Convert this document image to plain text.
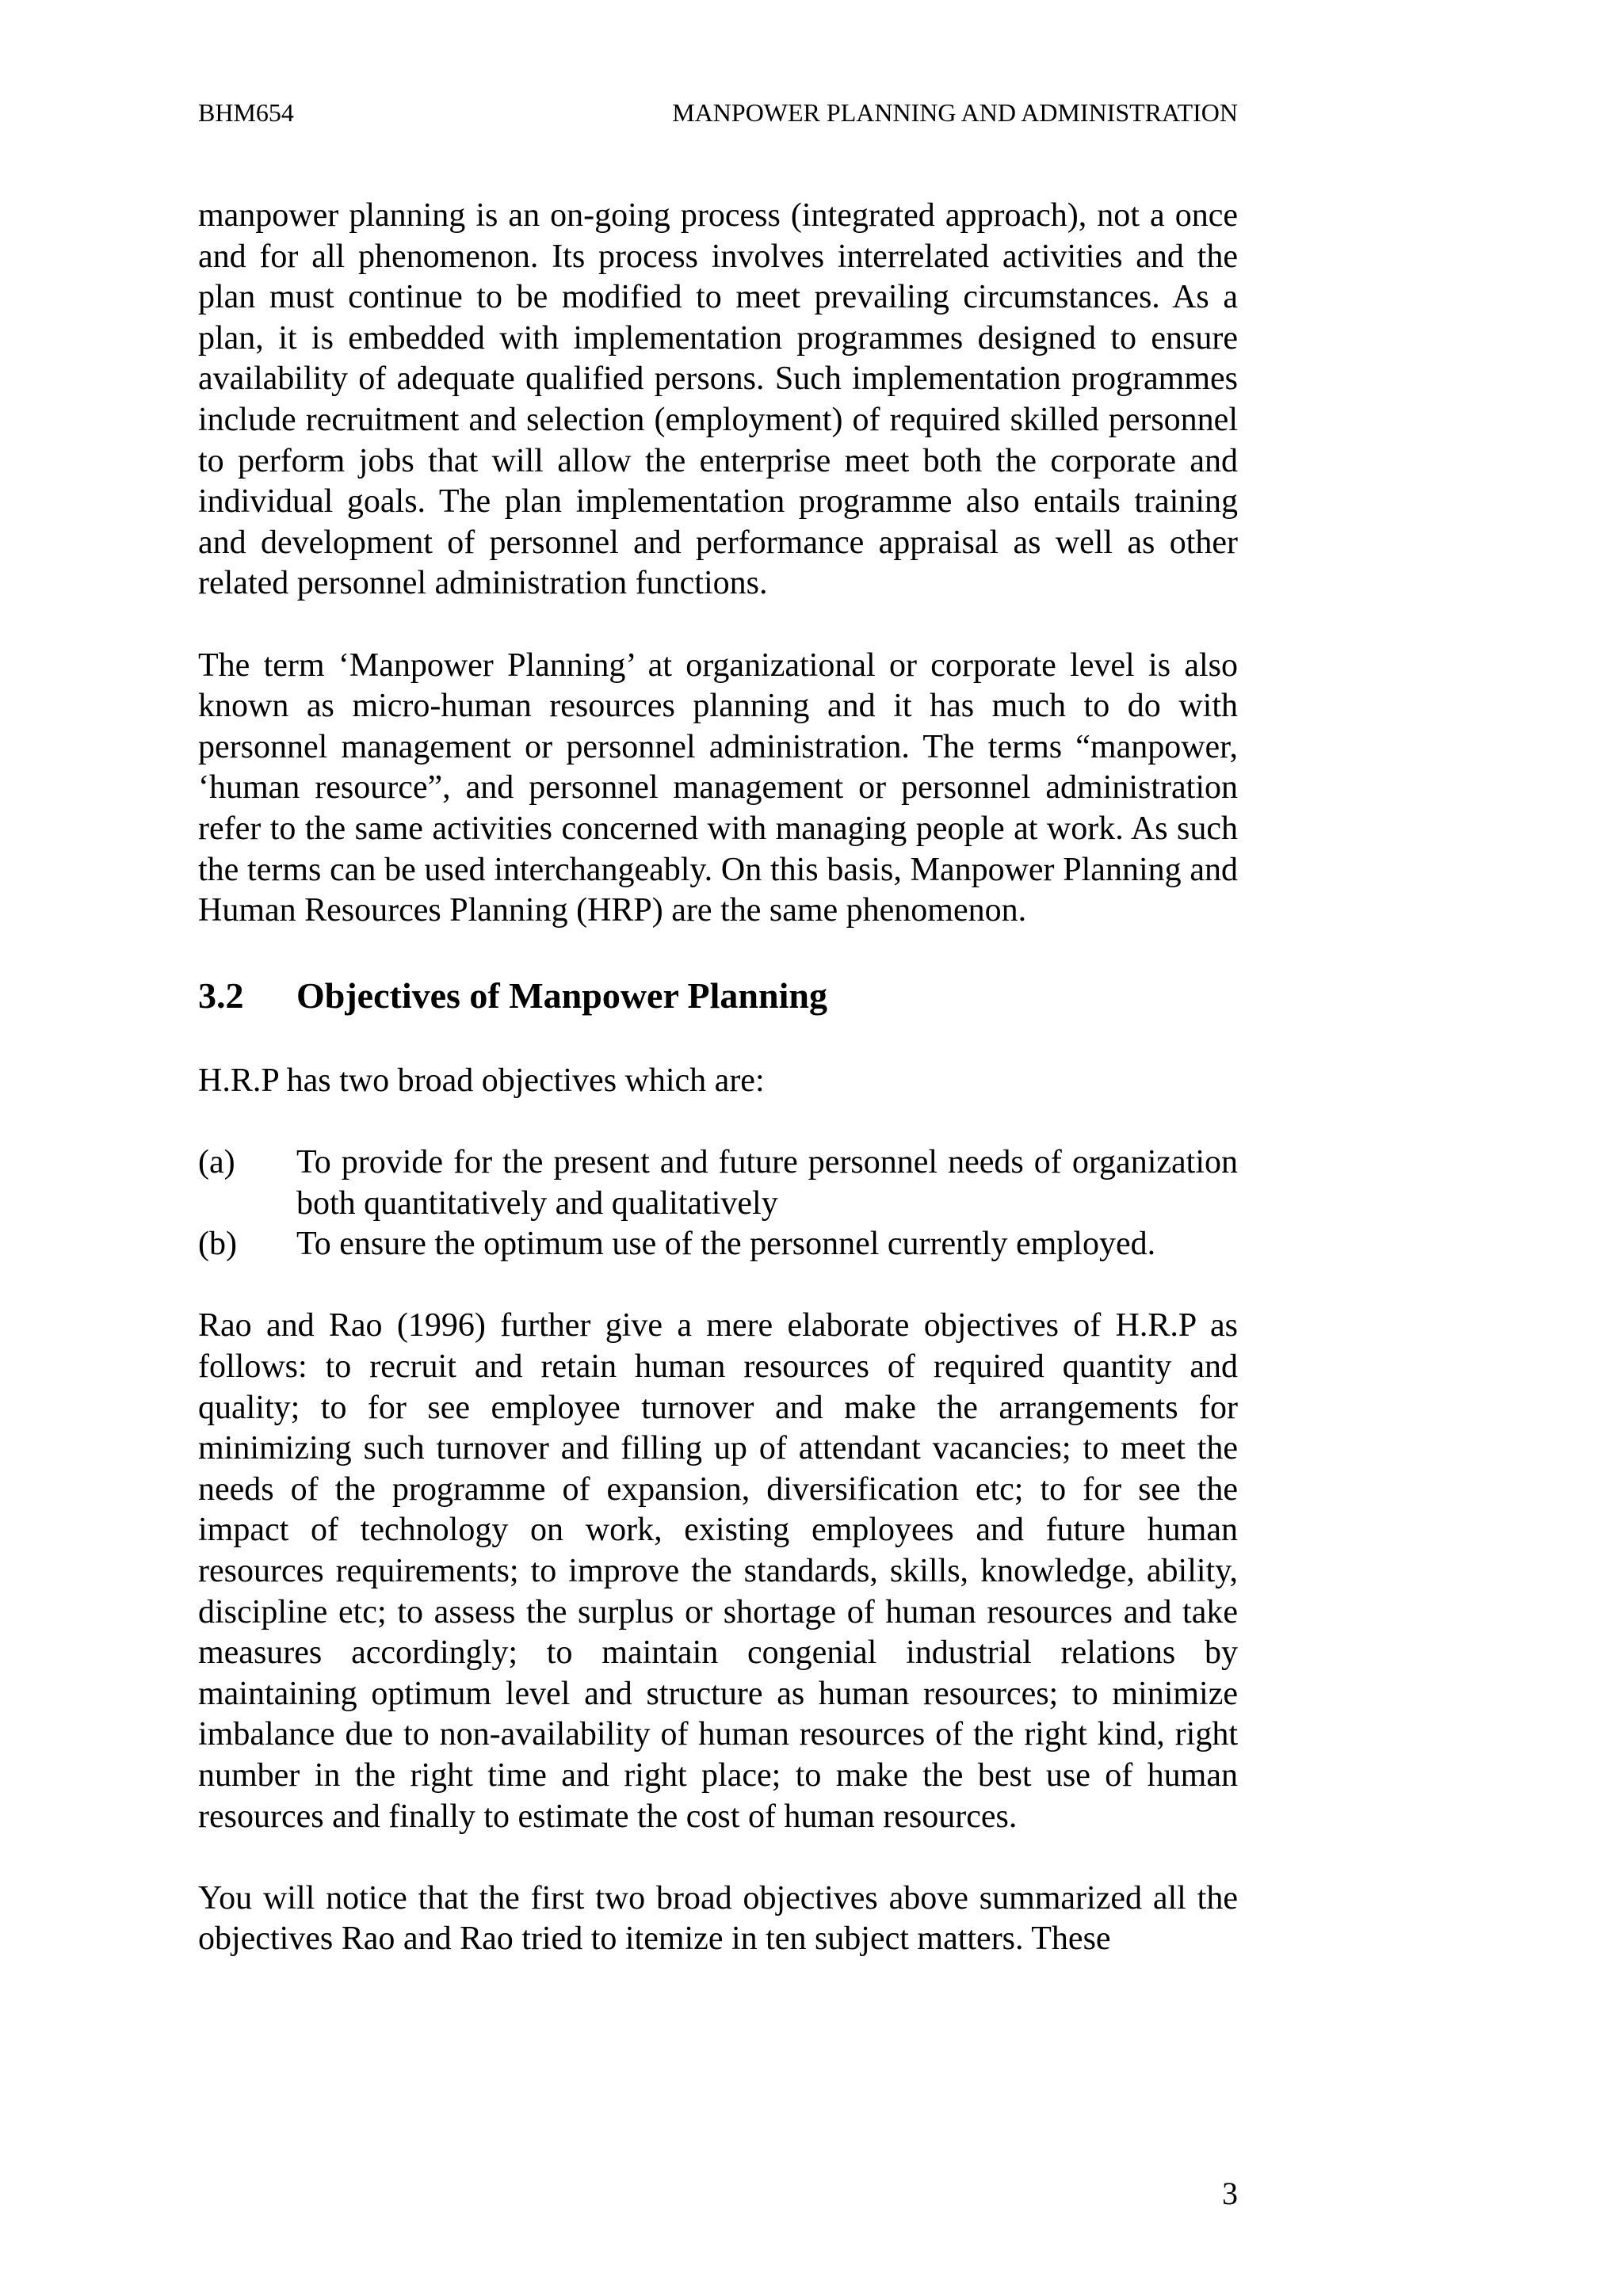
BHM654	MANPOWER PLANNING AND ADMINISTRATION

manpower planning is an on-going process (integrated approach), not a once and for all phenomenon. Its process involves interrelated activities and the plan must continue to be modified to meet prevailing circumstances. As a plan, it is embedded with implementation programmes designed to ensure availability of adequate qualified persons. Such implementation programmes include recruitment and selection (employment) of required skilled personnel to perform jobs that will allow the enterprise meet both the corporate and individual goals. The plan implementation programme also entails training and development of personnel and performance appraisal as well as other related personnel administration functions.

The term ‘Manpower Planning’ at organizational or corporate level is also known as micro-human resources planning and it has much to do with personnel management or personnel administration. The terms “manpower, ‘human resource”, and personnel management or personnel administration refer to the same activities concerned with managing people at work. As such the terms can be used interchangeably. On this basis, Manpower Planning and Human Resources Planning (HRP) are the same phenomenon.

3.2 Objectives of Manpower Planning

H.R.P has two broad objectives which are:

(a)	To provide for the present and future personnel needs of organization both quantitatively and qualitatively
(b)	To ensure the optimum use of the personnel currently employed.

Rao and Rao (1996) further give a mere elaborate objectives of H.R.P as follows: to recruit and retain human resources of required quantity and quality; to for see employee turnover and make the arrangements for minimizing such turnover and filling up of attendant vacancies; to meet the needs of the programme of expansion, diversification etc; to for see the impact of technology on work, existing employees and future human resources requirements; to improve the standards, skills, knowledge, ability, discipline etc; to assess the surplus or shortage of human resources and take measures accordingly; to maintain congenial industrial relations by maintaining optimum level and structure as human resources; to minimize imbalance due to non-availability of human resources of the right kind, right number in the right time and right place; to make the best use of human resources and finally to estimate the cost of human resources.

You will notice that the first two broad objectives above summarized all the objectives Rao and Rao tried to itemize in ten subject matters. These

3
